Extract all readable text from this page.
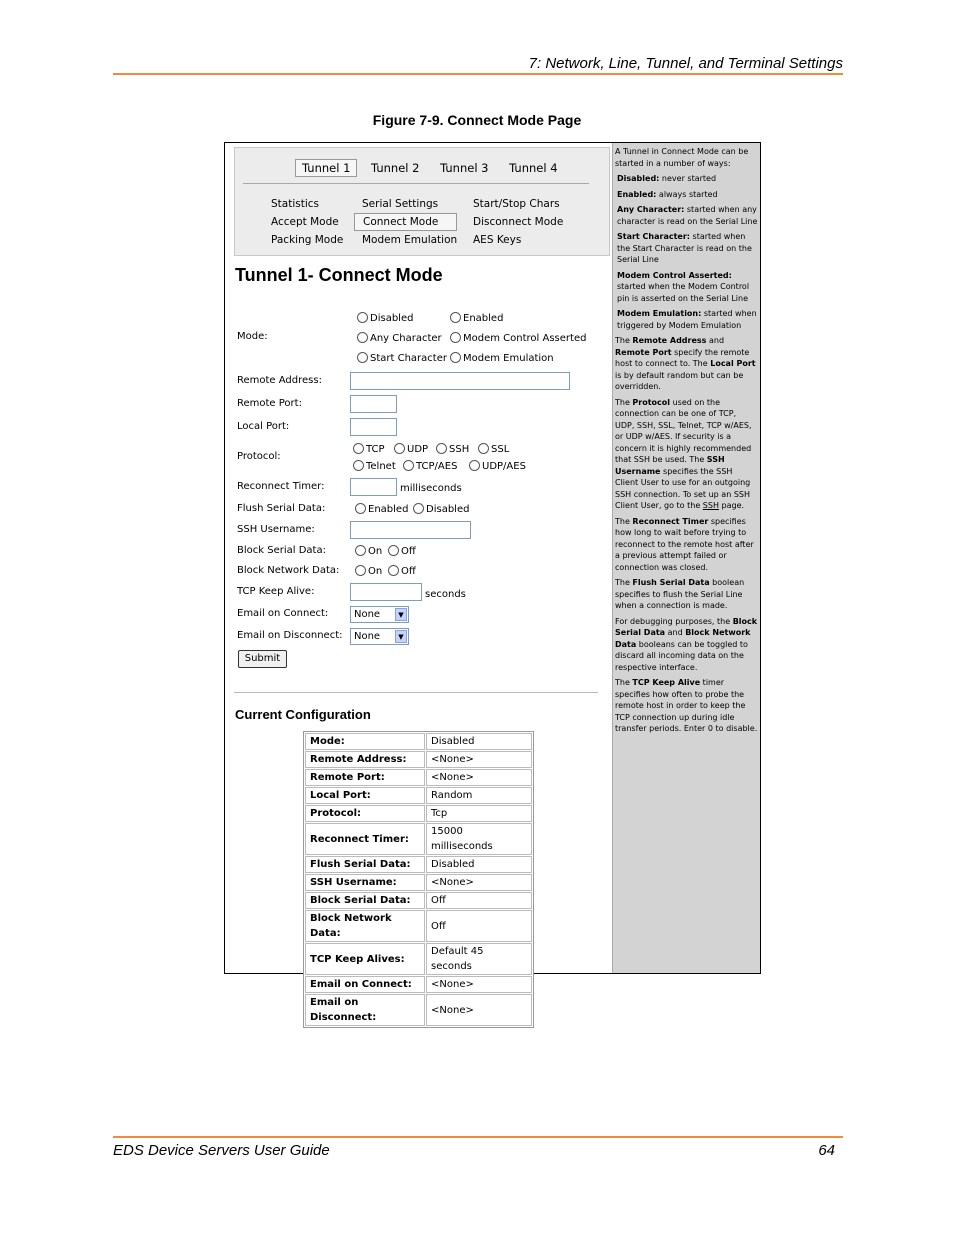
7: Network, Line, Tunnel, and Terminal Settings
Figure 7-9. Connect Mode Page
Tunnel 1 Tunnel 2 Tunnel 3 Tunnel 4
Statistics
Accept Mode
Packing Mode
Serial Settings
Connect Mode
Modem Emulation
Start/Stop Chars
Disconnect Mode
AES Keys
Tunnel 1- Connect Mode
Mode:
Disabled	Enabled
Any Character	Modem Control Asserted
Start Character	Modem Emulation
Remote Address:
Remote Port:
Local Port:
Protocol:
TCP	UDP	SSH	SSL
Telnet	TCP/AES	UDP/AES
Reconnect Timer:	milliseconds
Flush Serial Data:	Enabled	Disabled
SSH Username:
Block Serial Data:	On	Off
Block Network Data:	On	Off
TCP Keep Alive:	seconds
Email on Connect:	None	▼
Email on Disconnect:	None	▼
Submit
Current Configuration
Mode:	Disabled
Remote Address:	<None>
Remote Port:	<None>
Local Port:	Random
Protocol:	Tcp
Reconnect Timer:	15000 milliseconds
Flush Serial Data:	Disabled
SSH Username:	<None>
Block Serial Data:	Off
Block Network Data:	Off
TCP Keep Alives:	Default 45 seconds
Email on Connect:	<None>
Email on Disconnect:	<None>

A Tunnel in Connect Mode can be started in a number of ways:

Disabled: never started

Enabled: always started

Any Character: started when any character is read on the Serial Line

Start Character: started when the Start Character is read on the Serial Line

Modem Control Asserted: started when the Modem Control pin is asserted on the Serial Line

Modem Emulation: started when triggered by Modem Emulation

The Remote Address and Remote Port specify the remote host to connect to. The Local Port is by default random but can be overridden.

The Protocol used on the connection can be one of TCP, UDP, SSH, SSL, Telnet, TCP w/AES, or UDP w/AES. If security is a concern it is highly recommended that SSH be used. The SSH Username specifies the SSH Client User to use for an outgoing SSH connection. To set up an SSH Client User, go to the SSH page.

The Reconnect Timer specifies how long to wait before trying to reconnect to the remote host after a previous attempt failed or connection was closed.

The Flush Serial Data boolean specifies to flush the Serial Line when a connection is made.

For debugging purposes, the Block Serial Data and Block Network Data booleans can be toggled to discard all incoming data on the respective interface.

The TCP Keep Alive timer specifies how often to probe the remote host in order to keep the TCP connection up during idle transfer periods. Enter 0 to disable.

EDS Device Servers User Guide	64
